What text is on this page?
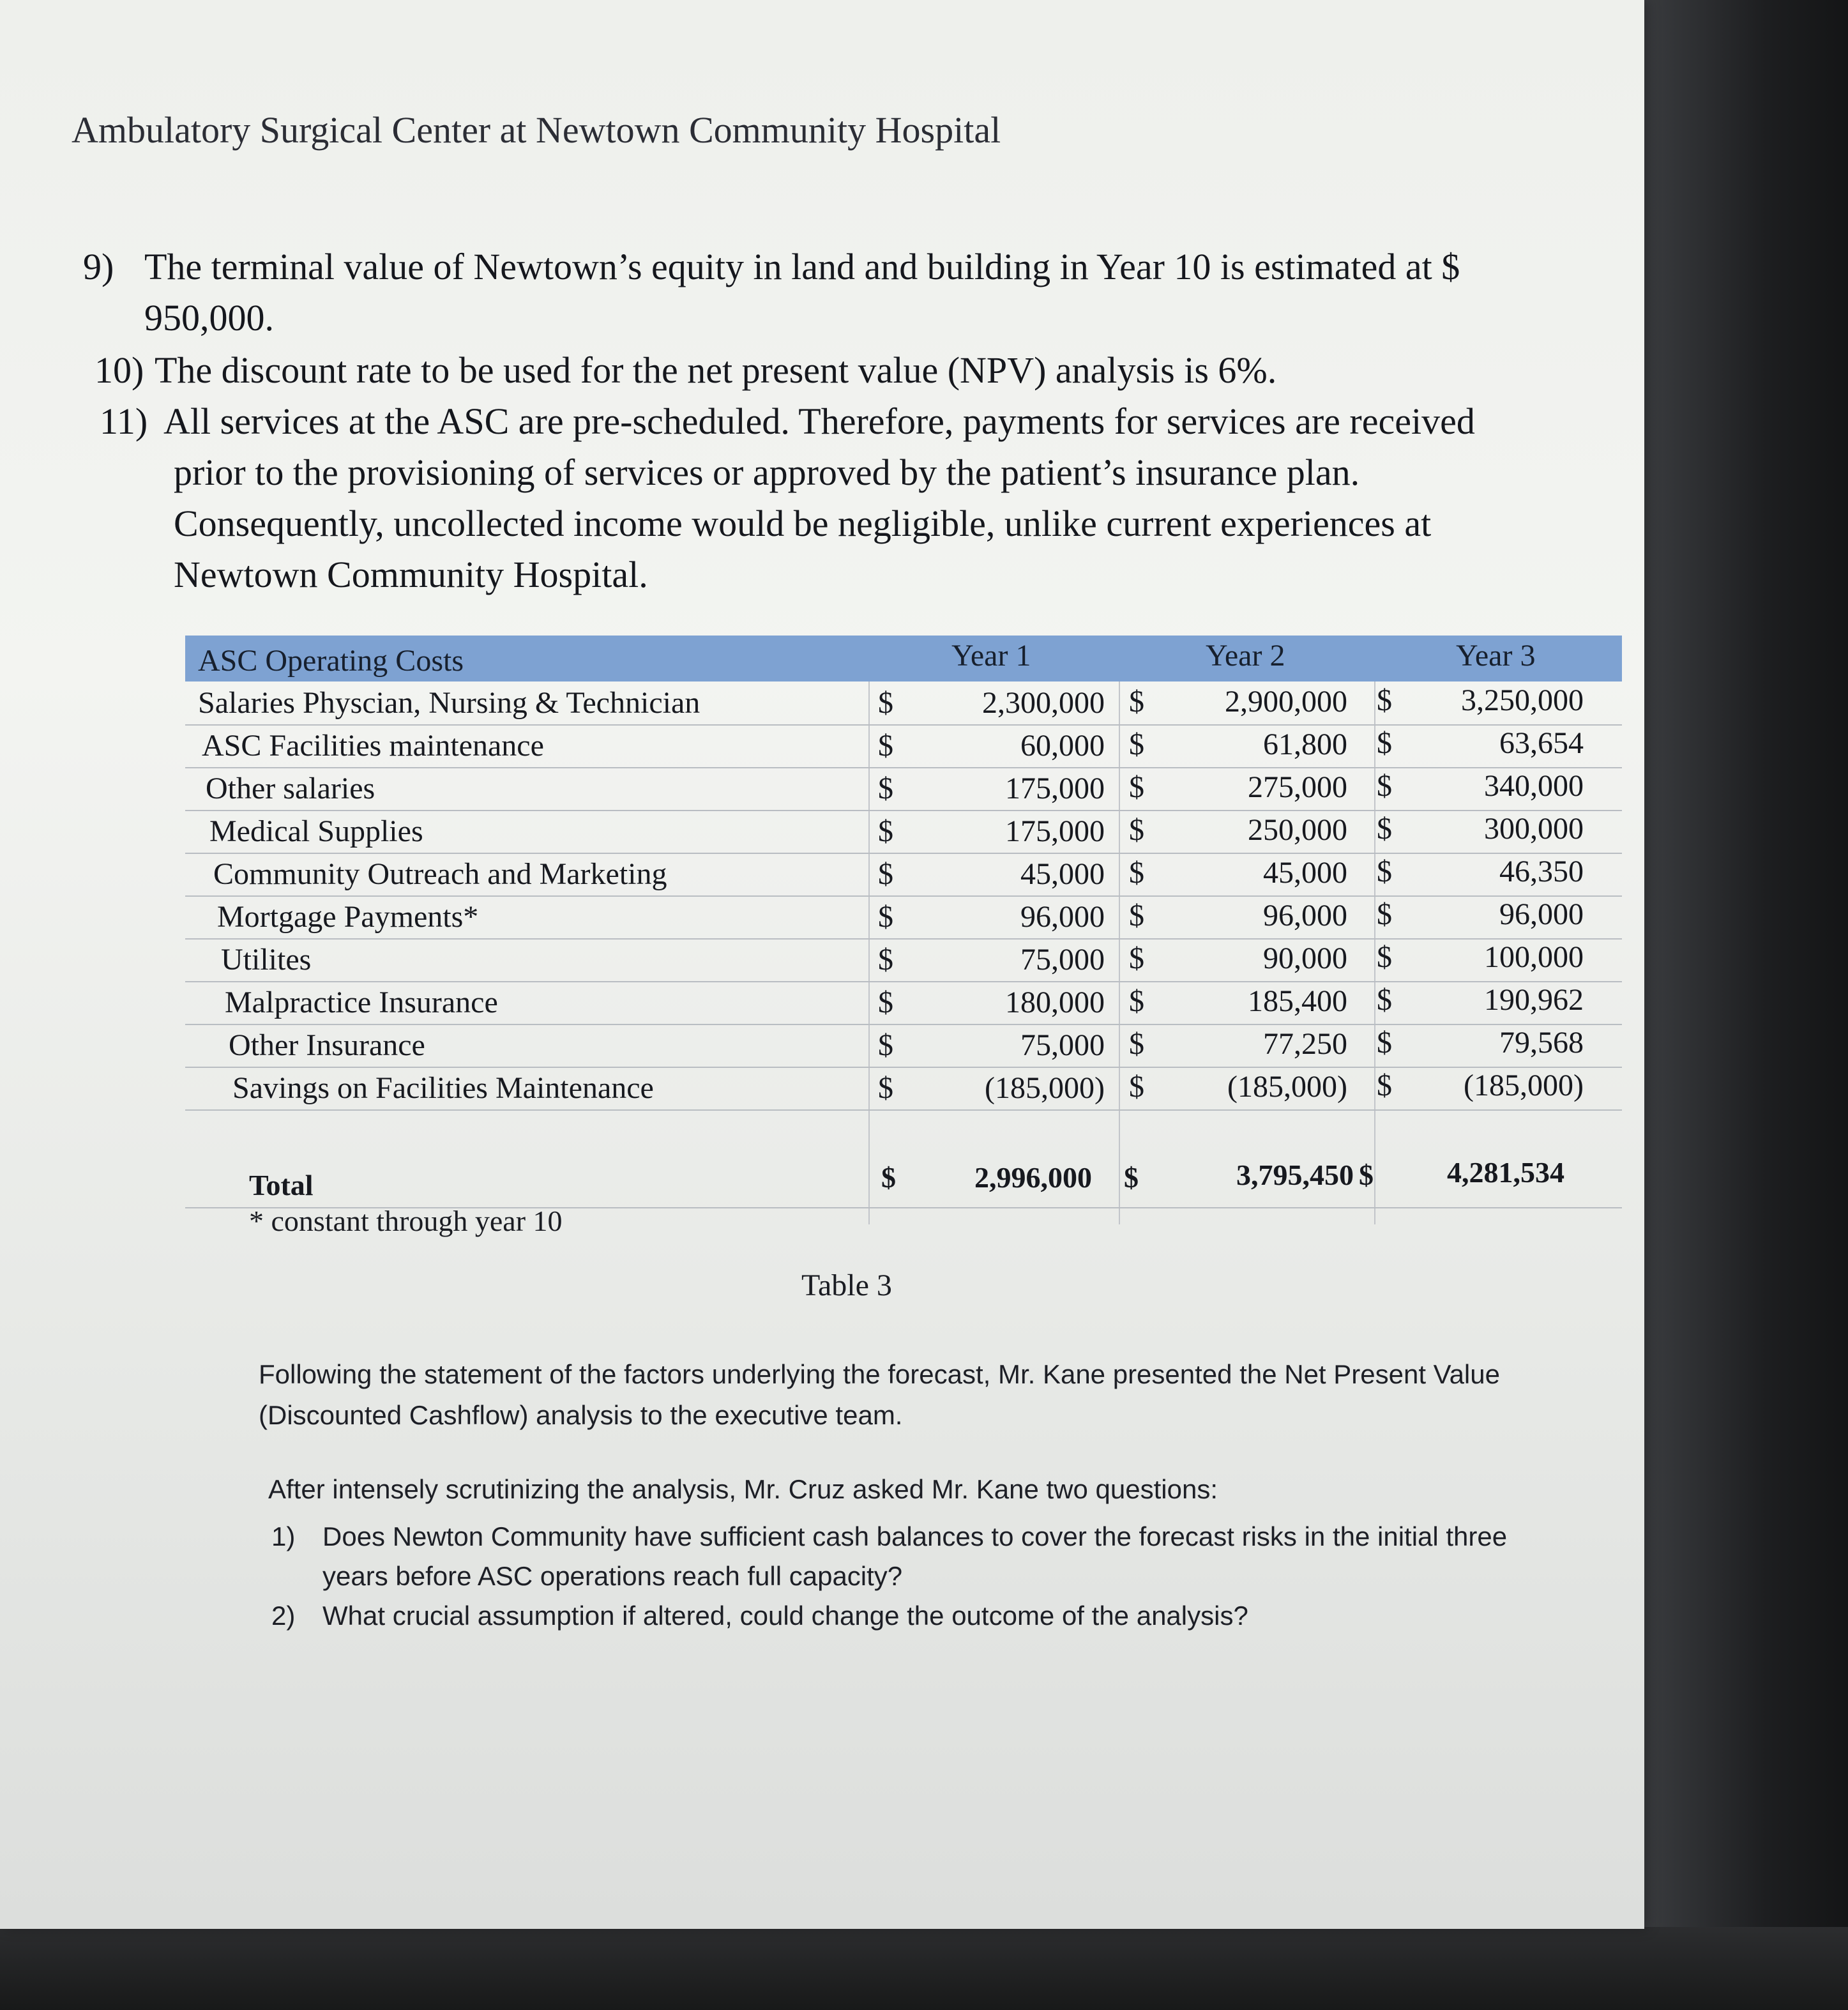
Ambulatory Surgical Center at Newtown Community Hospital
9) The terminal value of Newtown’s equity in land and building in Year 10 is estimated at $ 950,000.
10) The discount rate to be used for the net present value (NPV) analysis is 6%.
11) All services at the ASC are pre-scheduled. Therefore, payments for services are received
prior to the provisioning of services or approved by the patient’s insurance plan.
Consequently, uncollected income would be negligible, unlike current experiences at
Newtown Community Hospital.
ASC Operating Costs	Year 1	Year 2	Year 3
Salaries Physcian, Nursing & Technician	$	2,300,000 $	2,900,000 $	3,250,000
ASC Facilities maintenance	$	60,000 $	61,800 $	63,654
Other salaries	$	175,000 $	275,000 $	340,000
Medical Supplies	$	175,000 $	250,000 $	300,000
Community Outreach and Marketing	$	45,000 $	45,000 $	46,350
Mortgage Payments*	$	96,000 $	96,000 $	96,000
Utilites	$	75,000 $	90,000 $	100,000
Malpractice Insurance	$	180,000 $	185,400 $	190,962
Other Insurance	$	75,000 $	77,250 $	79,568
Savings on Facilities Maintenance	$	(185,000) $	(185,000) $	(185,000)
Total	$	2,996,000 $	3,795,450 $	4,281,534
* constant through year 10
Table 3
Following the statement of the factors underlying the forecast, Mr. Kane presented the Net Present Value (Discounted Cashflow) analysis to the executive team.
After intensely scrutinizing the analysis, Mr. Cruz asked Mr. Kane two questions:
1) Does Newton Community have sufficient cash balances to cover the forecast risks in the initial three years before ASC operations reach full capacity?
2) What crucial assumption if altered, could change the outcome of the analysis?
